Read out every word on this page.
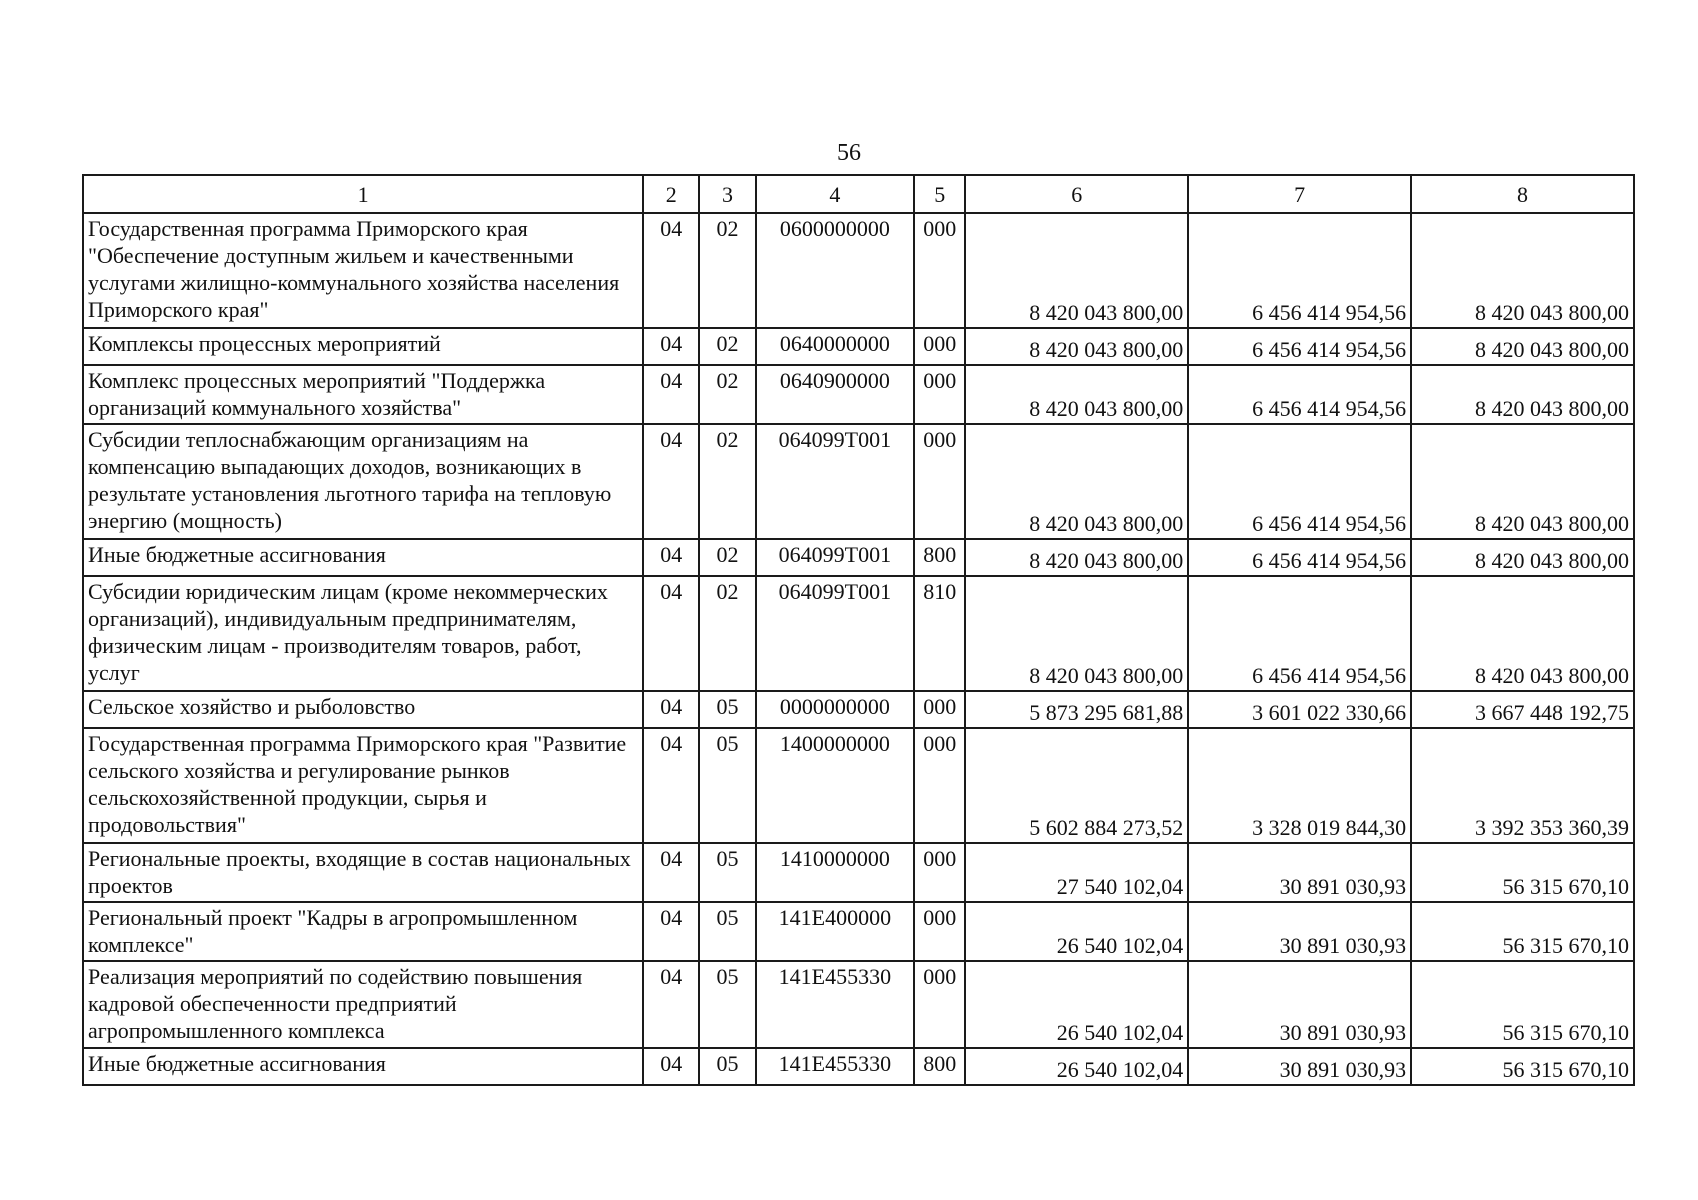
56
1	2	3	4	5	6	7	8
Государственная программа Приморского края "Обеспечение доступным жильем и качественными услугами жилищно-коммунального хозяйства населения Приморского края"	04	02	0600000000	000	8 420 043 800,00	6 456 414 954,56	8 420 043 800,00
Комплексы процессных мероприятий	04	02	0640000000	000	8 420 043 800,00	6 456 414 954,56	8 420 043 800,00
Комплекс процессных мероприятий "Поддержка организаций коммунального хозяйства"	04	02	0640900000	000	8 420 043 800,00	6 456 414 954,56	8 420 043 800,00
Субсидии теплоснабжающим организациям на компенсацию выпадающих доходов, возникающих в результате установления льготного тарифа на тепловую энергию (мощность)	04	02	064099Т001	000	8 420 043 800,00	6 456 414 954,56	8 420 043 800,00
Иные бюджетные ассигнования	04	02	064099Т001	800	8 420 043 800,00	6 456 414 954,56	8 420 043 800,00
Субсидии юридическим лицам (кроме некоммерческих организаций), индивидуальным предпринимателям, физическим лицам - производителям товаров, работ, услуг	04	02	064099Т001	810	8 420 043 800,00	6 456 414 954,56	8 420 043 800,00
Сельское хозяйство и рыболовство	04	05	0000000000	000	5 873 295 681,88	3 601 022 330,66	3 667 448 192,75
Государственная программа Приморского края "Развитие сельского хозяйства и регулирование рынков сельскохозяйственной продукции, сырья и продовольствия"	04	05	1400000000	000	5 602 884 273,52	3 328 019 844,30	3 392 353 360,39
Региональные проекты, входящие в состав национальных проектов	04	05	1410000000	000	27 540 102,04	30 891 030,93	56 315 670,10
Региональный проект "Кадры в агропромышленном комплексе"	04	05	141Е400000	000	26 540 102,04	30 891 030,93	56 315 670,10
Реализация мероприятий по содействию повышения кадровой обеспеченности предприятий агропромышленного комплекса	04	05	141Е455330	000	26 540 102,04	30 891 030,93	56 315 670,10
Иные бюджетные ассигнования	04	05	141Е455330	800	26 540 102,04	30 891 030,93	56 315 670,10
